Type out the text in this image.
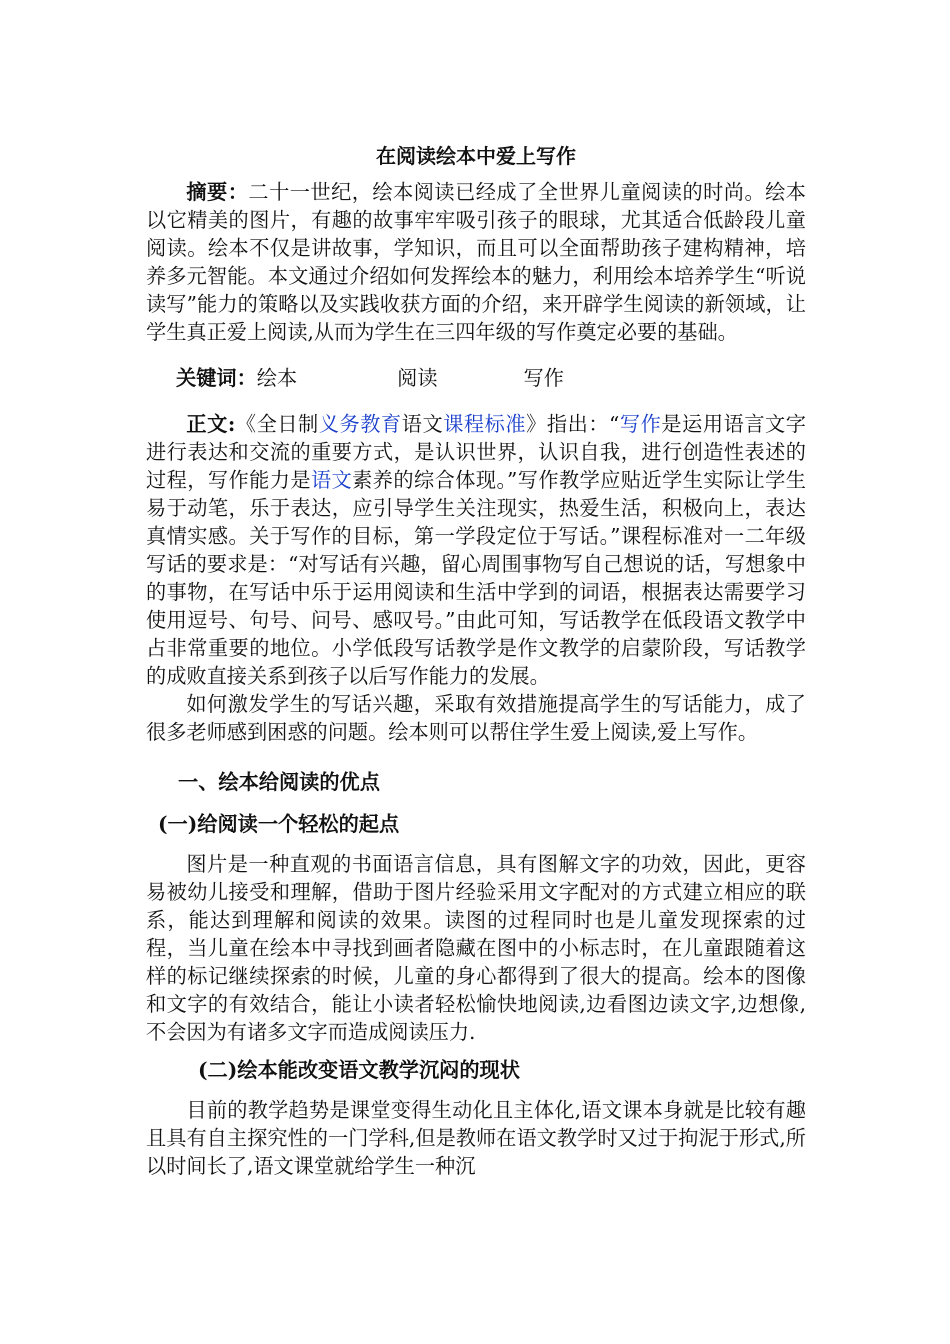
在阅读绘本中爱上写作

摘要：二十一世纪，绘本阅读已经成了全世界儿童阅读的时尚。绘本以它精美的图片，有趣的故事牢牢吸引孩子的眼球，尤其适合低龄段儿童阅读。绘本不仅是讲故事，学知识，而且可以全面帮助孩子建构精神，培养多元智能。本文通过介绍如何发挥绘本的魅力，利用绘本培养学生“听说读写”能力的策略以及实践收获方面的介绍，来开辟学生阅读的新领域，让学生真正爱上阅读,从而为学生在三四年级的写作奠定必要的基础。

关键词：绘本	阅读	写作

正文:《全日制义务教育语文课程标准》指出：“写作是运用语言文字进行表达和交流的重要方式，是认识世界，认识自我，进行创造性表述的过程，写作能力是语文素养的综合体现。”写作教学应贴近学生实际让学生易于动笔，乐于表达，应引导学生关注现实，热爱生活，积极向上，表达真情实感。关于写作的目标，第一学段定位于写话。”课程标准对一二年级写话的要求是：“对写话有兴趣，留心周围事物写自己想说的话，写想象中的事物，在写话中乐于运用阅读和生活中学到的词语，根据表达需要学习使用逗号、句号、问号、感叹号。”由此可知，写话教学在低段语文教学中占非常重要的地位。小学低段写话教学是作文教学的启蒙阶段，写话教学的成败直接关系到孩子以后写作能力的发展。

如何激发学生的写话兴趣，采取有效措施提高学生的写话能力，成了很多老师感到困惑的问题。绘本则可以帮住学生爱上阅读,爱上写作。

一、绘本给阅读的优点
(一)给阅读一个轻松的起点

图片是一种直观的书面语言信息，具有图解文字的功效，因此，更容易被幼儿接受和理解，借助于图片经验采用文字配对的方式建立相应的联系，能达到理解和阅读的效果。读图的过程同时也是儿童发现探索的过程，当儿童在绘本中寻找到画者隐藏在图中的小标志时，在儿童跟随着这样的标记继续探索的时候，儿童的身心都得到了很大的提高。绘本的图像和文字的有效结合，能让小读者轻松愉快地阅读,边看图边读文字,边想像,不会因为有诸多文字而造成阅读压力.

(二)绘本能改变语文教学沉闷的现状

目前的教学趋势是课堂变得生动化且主体化,语文课本身就是比较有趣且具有自主探究性的一门学科,但是教师在语文教学时又过于拘泥于形式,所以时间长了,语文课堂就给学生一种沉
